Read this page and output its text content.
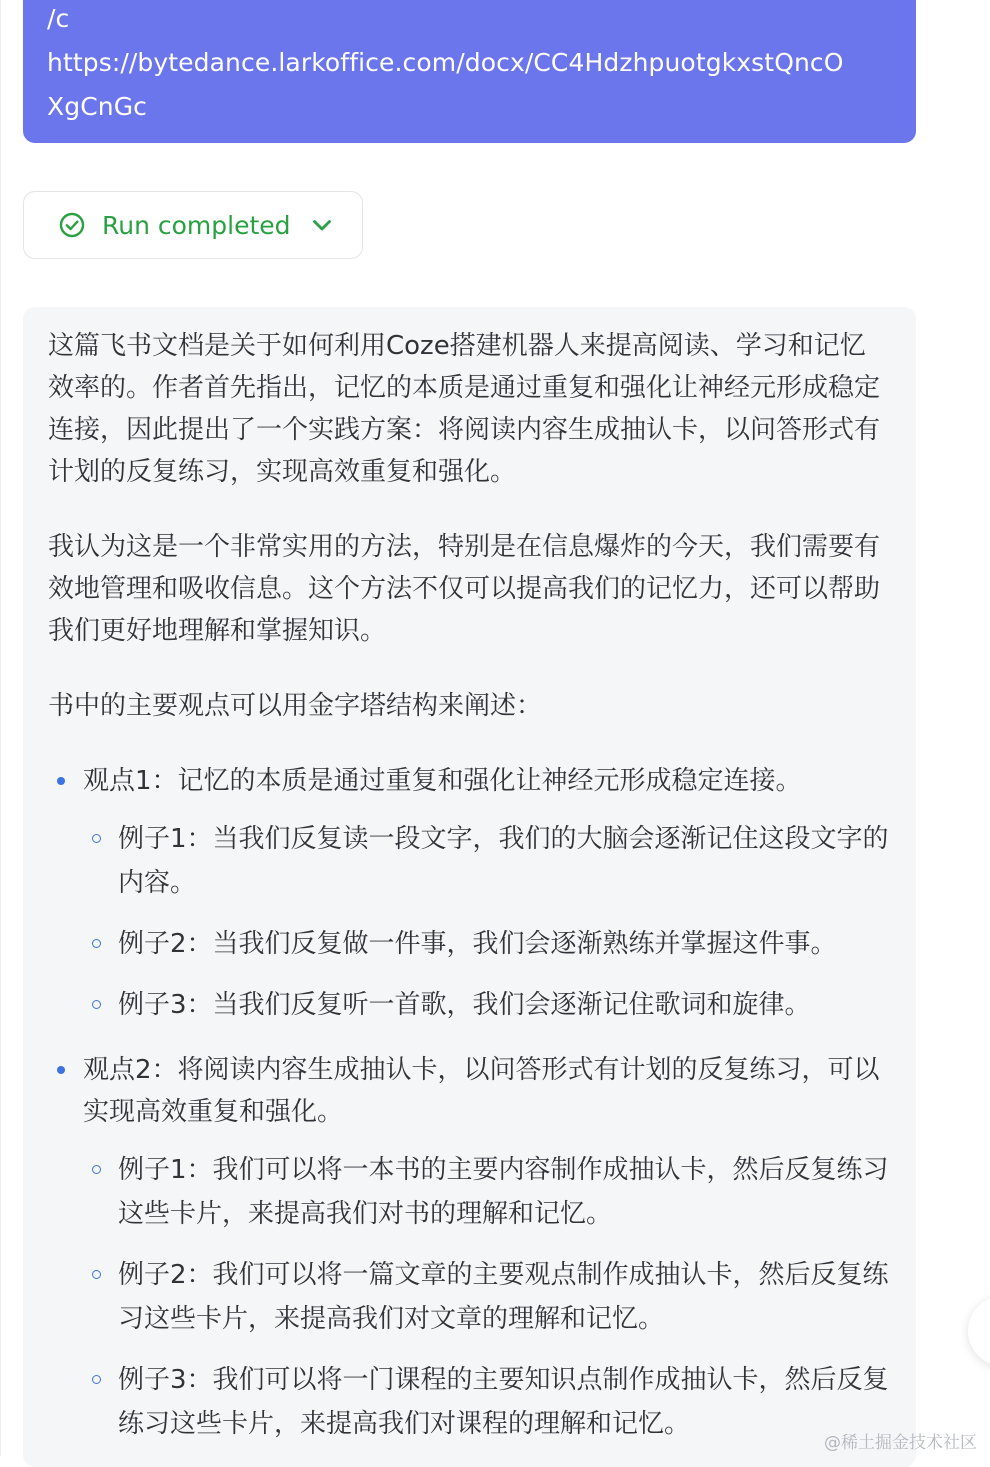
/c
https://bytedance.larkoffice.com/docx/CC4HdzhpuotgkxstQncO
XgCnGc
Run completed

这篇飞书文档是关于如何利用Coze搭建机器人来提高阅读、学习和记忆效率的。作者首先指出，记忆的本质是通过重复和强化让神经元形成稳定连接，因此提出了一个实践方案：将阅读内容生成抽认卡，以问答形式有计划的反复练习，实现高效重复和强化。

我认为这是一个非常实用的方法，特别是在信息爆炸的今天，我们需要有效地管理和吸收信息。这个方法不仅可以提高我们的记忆力，还可以帮助我们更好地理解和掌握知识。

书中的主要观点可以用金字塔结构来阐述：

观点1：记忆的本质是通过重复和强化让神经元形成稳定连接。
例子1：当我们反复读一段文字，我们的大脑会逐渐记住这段文字的内容。
例子2：当我们反复做一件事，我们会逐渐熟练并掌握这件事。
例子3：当我们反复听一首歌，我们会逐渐记住歌词和旋律。
观点2：将阅读内容生成抽认卡，以问答形式有计划的反复练习，可以实现高效重复和强化。
例子1：我们可以将一本书的主要内容制作成抽认卡，然后反复练习这些卡片，来提高我们对书的理解和记忆。
例子2：我们可以将一篇文章的主要观点制作成抽认卡，然后反复练习这些卡片，来提高我们对文章的理解和记忆。
例子3：我们可以将一门课程的主要知识点制作成抽认卡，然后反复练习这些卡片，来提高我们对课程的理解和记忆。
@稀土掘金技术社区
